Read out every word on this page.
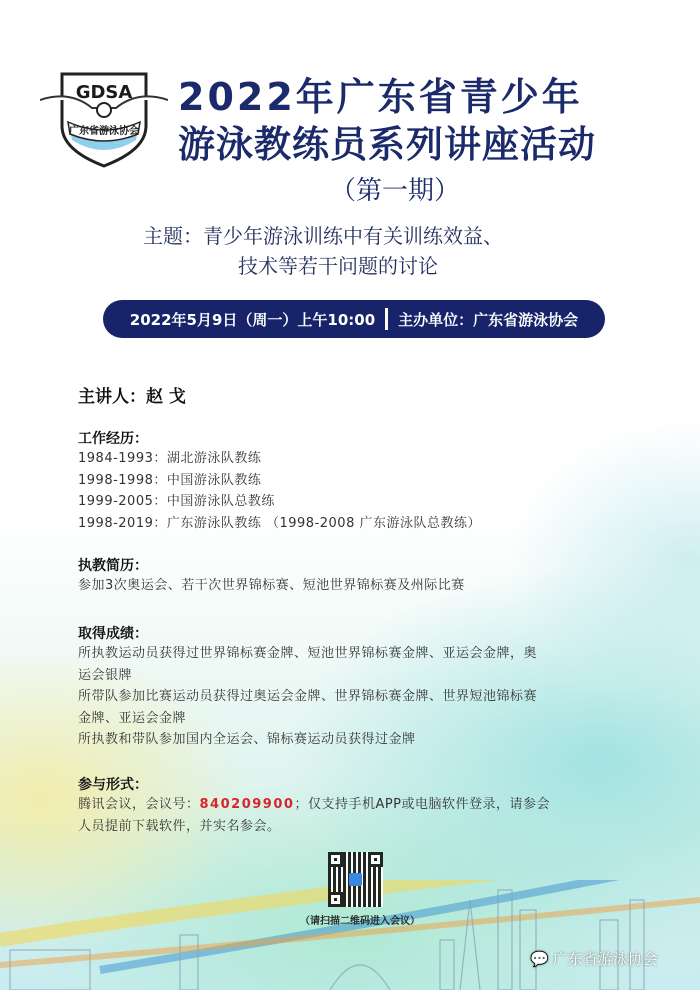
GDSA
广东省游泳协会
2022年广东省青少年
游泳教练员系列讲座活动
（第一期）
主题：青少年游泳训练中有关训练效益、
技术等若干问题的讨论
2022年5月9日（周一）上午10:00 主办单位：广东省游泳协会
主讲人：赵 戈
工作经历：
1984-1993：湖北游泳队教练
1998-1998：中国游泳队教练
1999-2005：中国游泳队总教练
1998-2019：广东游泳队教练 （1998-2008 广东游泳队总教练）
执教简历：
参加3次奥运会、若干次世界锦标赛、短池世界锦标赛及州际比赛
取得成绩：
所执教运动员获得过世界锦标赛金牌、短池世界锦标赛金牌、亚运会金牌，奥
运会银牌
所带队参加比赛运动员获得过奥运会金牌、世界锦标赛金牌、世界短池锦标赛
金牌、亚运会金牌
所执教和带队参加国内全运会、锦标赛运动员获得过金牌
参与形式：
腾讯会议，会议号：840209900；仅支持手机APP或电脑软件登录，请参会
人员提前下载软件，并实名参会。
（请扫描二维码进入会议）
💬 广东省游泳协会
